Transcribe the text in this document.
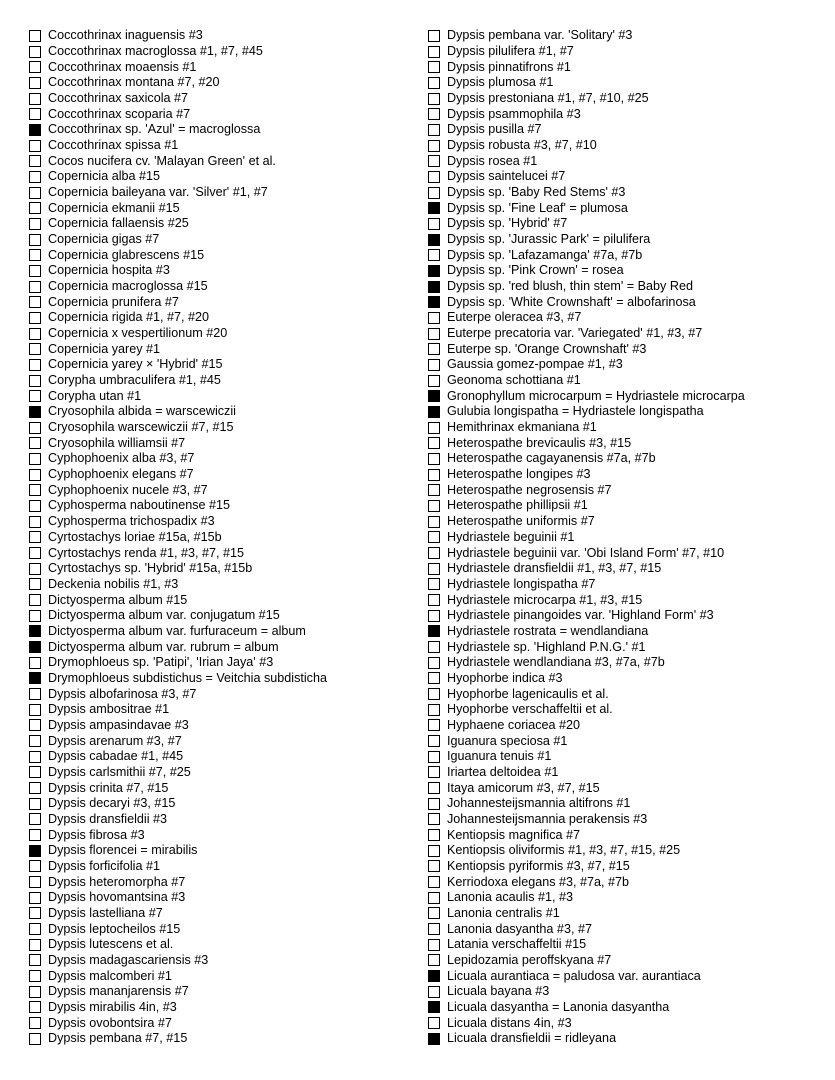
Coccothrinax inaguensis #3
Coccothrinax macroglossa #1, #7, #45
Coccothrinax moaensis #1
Coccothrinax montana #7, #20
Coccothrinax saxicola #7
Coccothrinax scoparia #7
Coccothrinax sp. 'Azul' = macroglossa
Coccothrinax spissa #1
Cocos nucifera cv. 'Malayan Green' et al.
Copernicia alba #15
Copernicia baileyana var. 'Silver' #1, #7
Copernicia ekmanii #15
Copernicia fallaensis #25
Copernicia gigas #7
Copernicia glabrescens #15
Copernicia hospita #3
Copernicia macroglossa #15
Copernicia prunifera #7
Copernicia rigida #1, #7, #20
Copernicia x vespertilionum #20
Copernicia yarey #1
Copernicia yarey × 'Hybrid' #15
Corypha umbraculifera #1, #45
Corypha utan #1
Cryosophila albida = warscewiczii
Cryosophila warscewiczii #7, #15
Cryosophila williamsii #7
Cyphophoenix alba #3, #7
Cyphophoenix elegans #7
Cyphophoenix nucele #3, #7
Cyphosperma naboutinense #15
Cyphosperma trichospadix #3
Cyrtostachys loriae #15a, #15b
Cyrtostachys renda #1, #3, #7, #15
Cyrtostachys sp. 'Hybrid' #15a, #15b
Deckenia nobilis #1, #3
Dictyosperma album #15
Dictyosperma album var. conjugatum #15
Dictyosperma album var. furfuraceum = album
Dictyosperma album var. rubrum = album
Drymophloeus sp. 'Patipi', 'Irian Jaya' #3
Drymophloeus subdistichus = Veitchia subdisticha
Dypsis albofarinosa #3, #7
Dypsis ambositrae #1
Dypsis ampasindavae #3
Dypsis arenarum #3, #7
Dypsis cabadae #1, #45
Dypsis carlsmithii #7, #25
Dypsis crinita #7, #15
Dypsis decaryi #3, #15
Dypsis dransfieldii #3
Dypsis fibrosa #3
Dypsis florencei = mirabilis
Dypsis forficifolia #1
Dypsis heteromorpha #7
Dypsis hovomantsina #3
Dypsis lastelliana #7
Dypsis leptocheilos #15
Dypsis lutescens et al.
Dypsis madagascariensis #3
Dypsis malcomberi #1
Dypsis mananjarensis #7
Dypsis mirabilis 4in, #3
Dypsis ovobontsira #7
Dypsis pembana #7, #15
Dypsis pembana var. 'Solitary' #3
Dypsis pilulifera #1, #7
Dypsis pinnatifrons #1
Dypsis plumosa #1
Dypsis prestoniana #1, #7, #10, #25
Dypsis psammophila #3
Dypsis pusilla #7
Dypsis robusta #3, #7, #10
Dypsis rosea #1
Dypsis saintelucei #7
Dypsis sp. 'Baby Red Stems' #3
Dypsis sp. 'Fine Leaf' = plumosa
Dypsis sp. 'Hybrid' #7
Dypsis sp. 'Jurassic Park' = pilulifera
Dypsis sp. 'Lafazamanga' #7a, #7b
Dypsis sp. 'Pink Crown' = rosea
Dypsis sp. 'red blush, thin stem' = Baby Red
Dypsis sp. 'White Crownshaft' = albofarinosa
Euterpe oleracea #3, #7
Euterpe precatoria var. 'Variegated' #1, #3, #7
Euterpe sp. 'Orange Crownshaft' #3
Gaussia gomez-pompae #1, #3
Geonoma schottiana #1
Gronophyllum microcarpum = Hydriastele microcarpa
Gulubia longispatha = Hydriastele longispatha
Hemithrinax ekmaniana #1
Heterospathe brevicaulis #3, #15
Heterospathe cagayanensis #7a, #7b
Heterospathe longipes #3
Heterospathe negrosensis #7
Heterospathe phillipsii #1
Heterospathe uniformis #7
Hydriastele beguinii #1
Hydriastele beguinii var. 'Obi Island Form' #7, #10
Hydriastele dransfieldii #1, #3, #7, #15
Hydriastele longispatha #7
Hydriastele microcarpa #1, #3, #15
Hydriastele pinangoides var. 'Highland Form' #3
Hydriastele rostrata = wendlandiana
Hydriastele sp. 'Highland P.N.G.' #1
Hydriastele wendlandiana #3, #7a, #7b
Hyophorbe indica #3
Hyophorbe lagenicaulis et al.
Hyophorbe verschaffeltii et al.
Hyphaene coriacea #20
Iguanura speciosa #1
Iguanura tenuis #1
Iriartea deltoidea #1
Itaya amicorum #3, #7, #15
Johannesteijsmannia altifrons #1
Johannesteijsmannia perakensis #3
Kentiopsis magnifica #7
Kentiopsis oliviformis #1, #3, #7, #15, #25
Kentiopsis pyriformis #3, #7, #15
Kerriodoxa elegans #3, #7a, #7b
Lanonia acaulis #1, #3
Lanonia centralis #1
Lanonia dasyantha #3, #7
Latania verschaffeltii #15
Lepidozamia peroffskyana #7
Licuala aurantiaca = paludosa var. aurantiaca
Licuala bayana #3
Licuala dasyantha = Lanonia dasyantha
Licuala distans 4in, #3
Licuala dransfieldii = ridleyana
